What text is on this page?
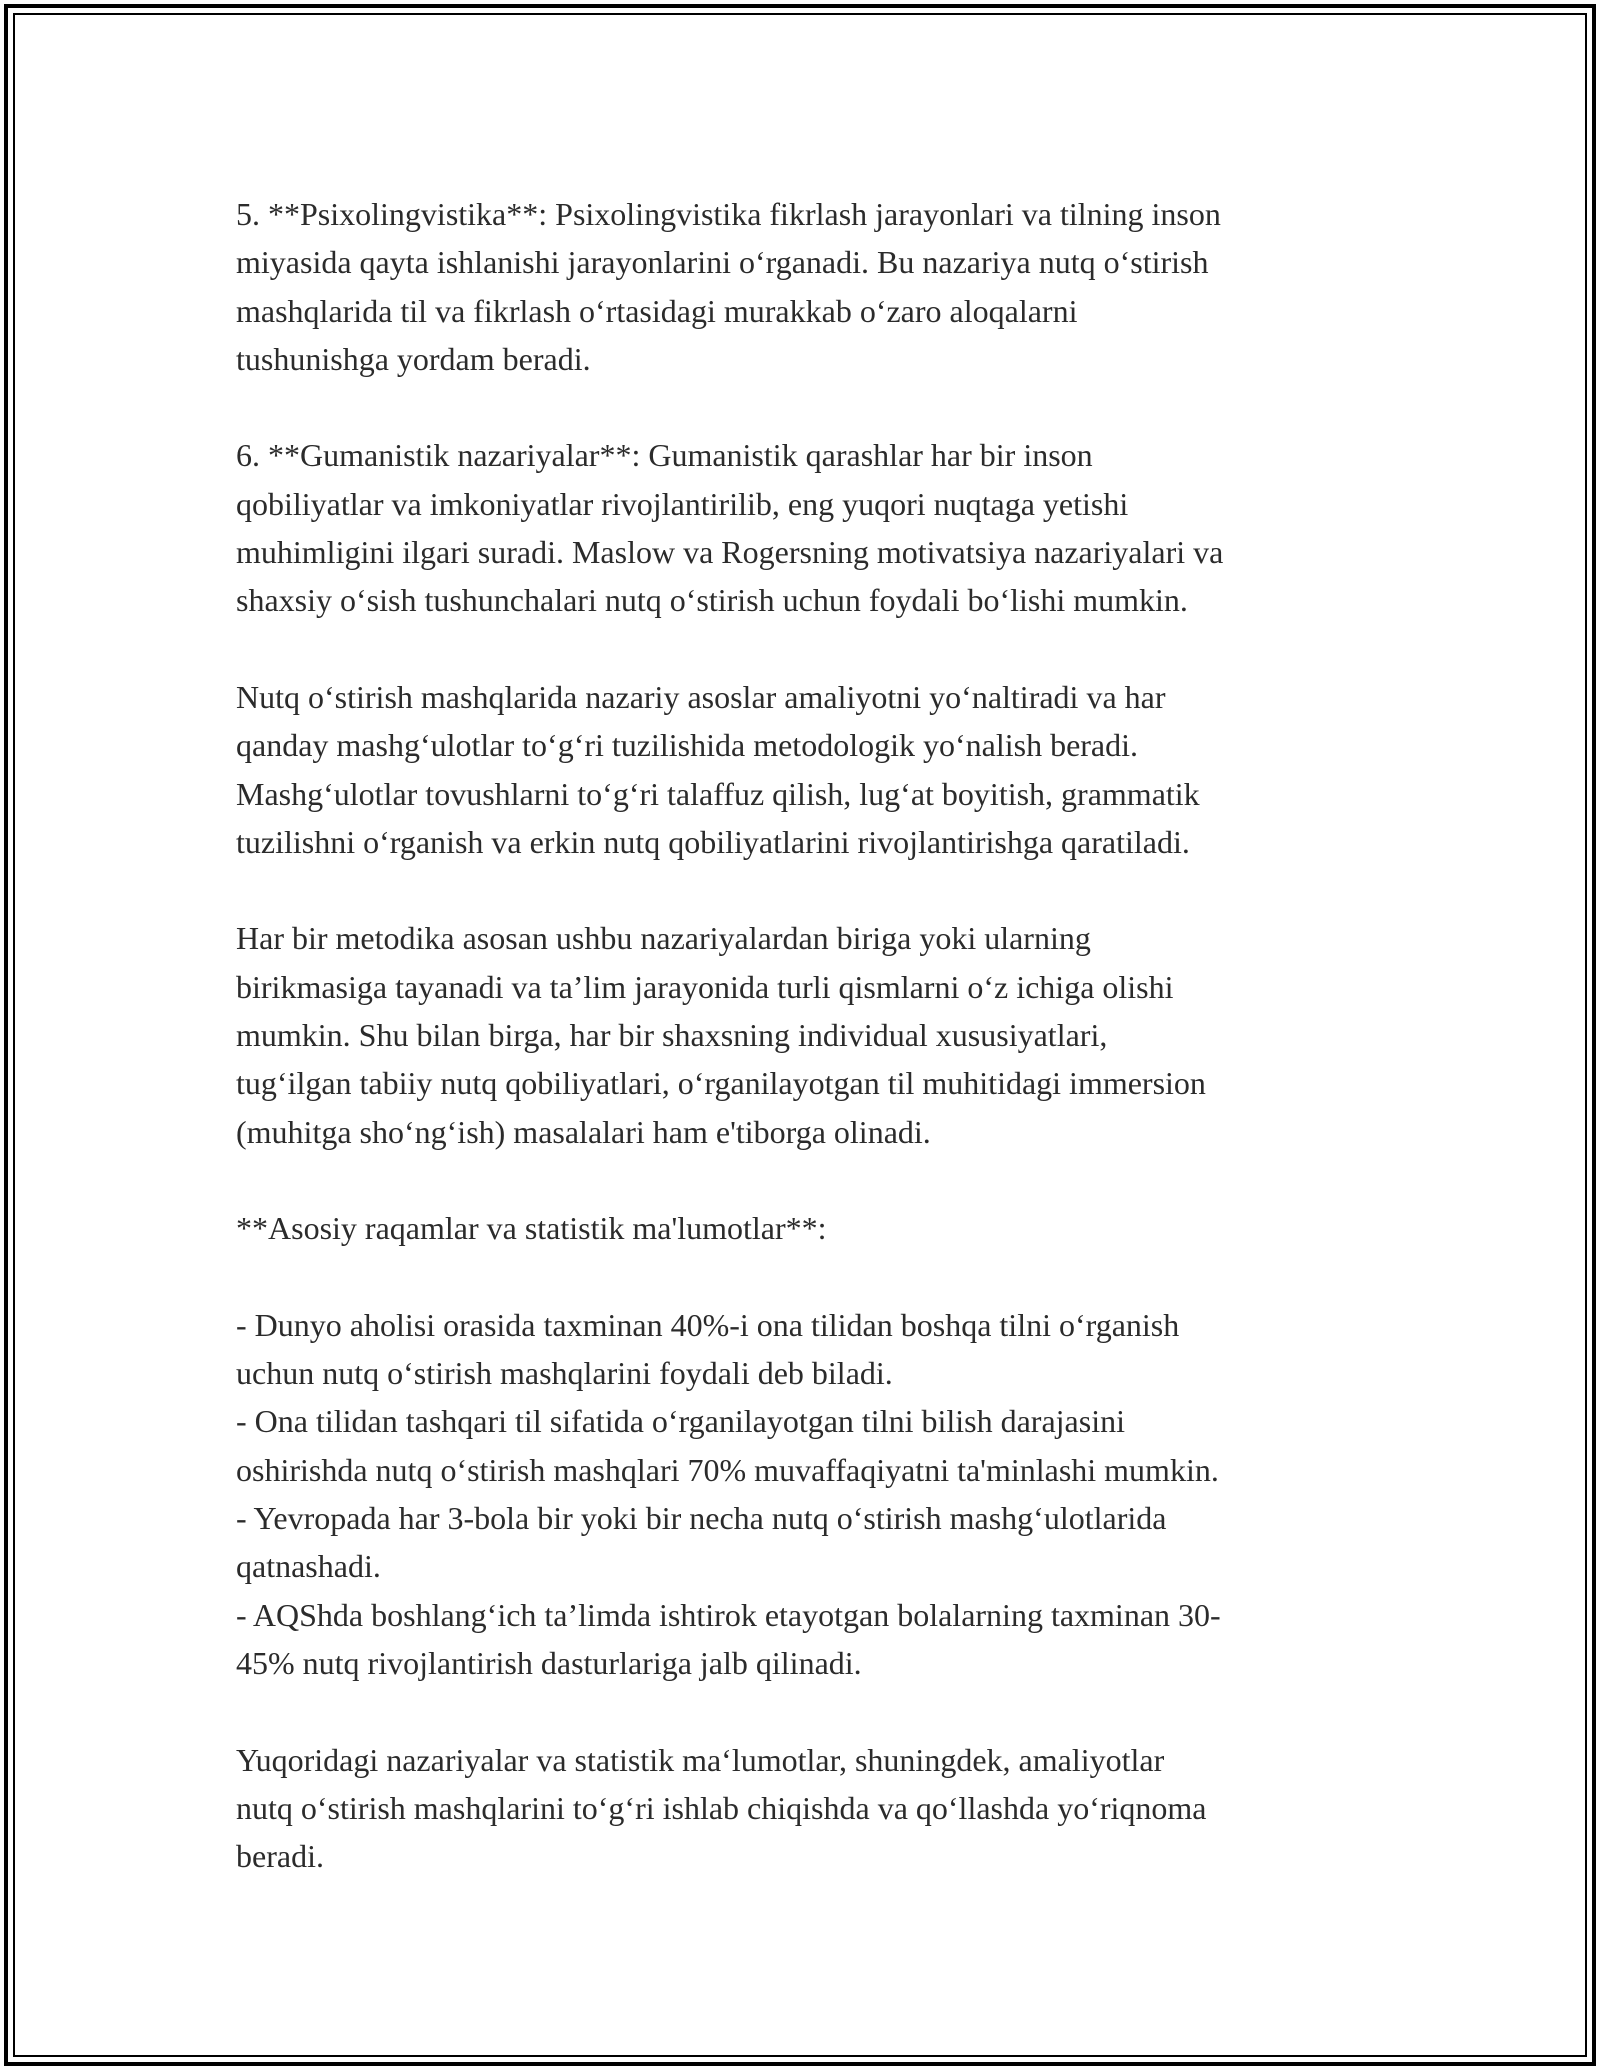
5. **Psixolingvistika**: Psixolingvistika fikrlash jarayonlari va tilning inson
miyasida qayta ishlanishi jarayonlarini o‘rganadi. Bu nazariya nutq o‘stirish
mashqlarida til va fikrlash o‘rtasidagi murakkab o‘zaro aloqalarni
tushunishga yordam beradi.

6. **Gumanistik nazariyalar**: Gumanistik qarashlar har bir inson
qobiliyatlar va imkoniyatlar rivojlantirilib, eng yuqori nuqtaga yetishi
muhimligini ilgari suradi. Maslow va Rogersning motivatsiya nazariyalari va
shaxsiy o‘sish tushunchalari nutq o‘stirish uchun foydali bo‘lishi mumkin.

Nutq o‘stirish mashqlarida nazariy asoslar amaliyotni yo‘naltiradi va har
qanday mashg‘ulotlar to‘g‘ri tuzilishida metodologik yo‘nalish beradi.
Mashg‘ulotlar tovushlarni to‘g‘ri talaffuz qilish, lug‘at boyitish, grammatik
tuzilishni o‘rganish va erkin nutq qobiliyatlarini rivojlantirishga qaratiladi.

Har bir metodika asosan ushbu nazariyalardan biriga yoki ularning
birikmasiga tayanadi va ta’lim jarayonida turli qismlarni o‘z ichiga olishi
mumkin. Shu bilan birga, har bir shaxsning individual xususiyatlari,
tug‘ilgan tabiiy nutq qobiliyatlari, o‘rganilayotgan til muhitidagi immersion
(muhitga sho‘ng‘ish) masalalari ham e'tiborga olinadi.

**Asosiy raqamlar va statistik ma'lumotlar**:

- Dunyo aholisi orasida taxminan 40%-i ona tilidan boshqa tilni o‘rganish
uchun nutq o‘stirish mashqlarini foydali deb biladi.
- Ona tilidan tashqari til sifatida o‘rganilayotgan tilni bilish darajasini
oshirishda nutq o‘stirish mashqlari 70% muvaffaqiyatni ta'minlashi mumkin.
- Yevropada har 3-bola bir yoki bir necha nutq o‘stirish mashg‘ulotlarida
qatnashadi.
- AQShda boshlang‘ich ta’limda ishtirok etayotgan bolalarning taxminan 30-
45% nutq rivojlantirish dasturlariga jalb qilinadi.

Yuqoridagi nazariyalar va statistik ma‘lumotlar, shuningdek, amaliyotlar
nutq o‘stirish mashqlarini to‘g‘ri ishlab chiqishda va qo‘llashda yo‘riqnoma
beradi.
